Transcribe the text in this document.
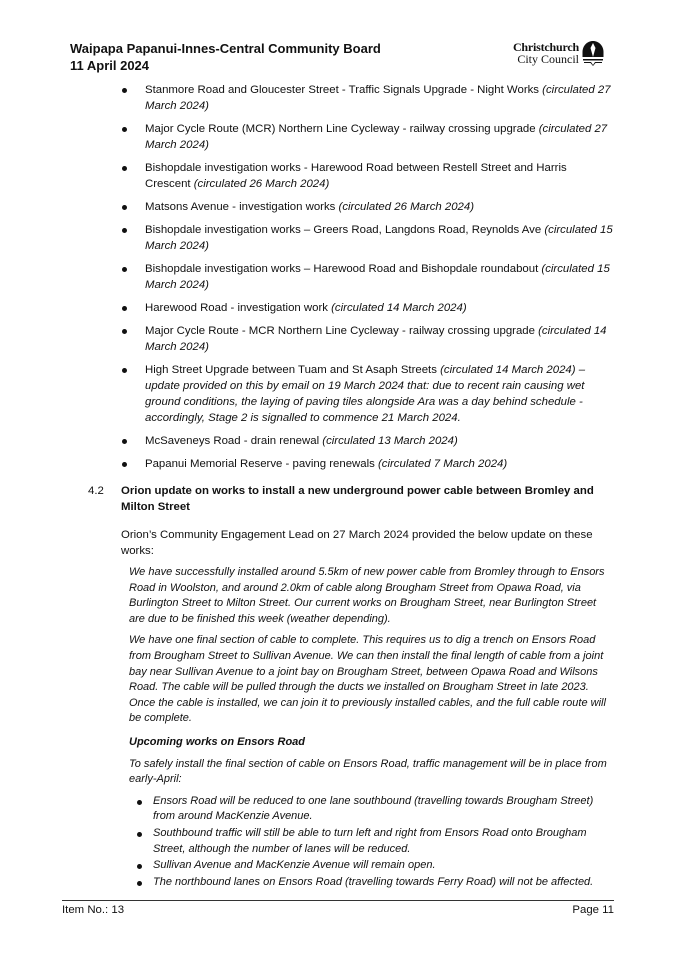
Waipapa Papanui-Innes-Central Community Board
11 April 2024
Christchurch
City Council
Stanmore Road and Gloucester Street - Traffic Signals Upgrade - Night Works (circulated 27 March 2024)
Major Cycle Route (MCR) Northern Line Cycleway - railway crossing upgrade (circulated 27 March 2024)
Bishopdale investigation works - Harewood Road between Restell Street and Harris Crescent (circulated 26 March 2024)
Matsons Avenue - investigation works (circulated 26 March 2024)
Bishopdale investigation works – Greers Road, Langdons Road, Reynolds Ave (circulated 15 March 2024)
Bishopdale investigation works – Harewood Road and Bishopdale roundabout (circulated 15 March 2024)
Harewood Road - investigation work (circulated 14 March 2024)
Major Cycle Route - MCR Northern Line Cycleway - railway crossing upgrade (circulated 14 March 2024)
High Street Upgrade between Tuam and St Asaph Streets (circulated 14 March 2024) – update provided on this by email on 19 March 2024 that: due to recent rain causing wet ground conditions, the laying of paving tiles alongside Ara was a day behind schedule - accordingly, Stage 2 is signalled to commence 21 March 2024.
McSaveneys Road - drain renewal (circulated 13 March 2024)
Papanui Memorial Reserve - paving renewals (circulated 7 March 2024)
4.2 Orion update on works to install a new underground power cable between Bromley and Milton Street
Orion’s Community Engagement Lead on 27 March 2024 provided the below update on these works:

We have successfully installed around 5.5km of new power cable from Bromley through to Ensors Road in Woolston, and around 2.0km of cable along Brougham Street from Opawa Road, via Burlington Street to Milton Street. Our current works on Brougham Street, near Burlington Street are due to be finished this week (weather depending).

We have one final section of cable to complete. This requires us to dig a trench on Ensors Road from Brougham Street to Sullivan Avenue. We can then install the final length of cable from a joint bay near Sullivan Avenue to a joint bay on Brougham Street, between Opawa Road and Wilsons Road. The cable will be pulled through the ducts we installed on Brougham Street in late 2023. Once the cable is installed, we can join it to previously installed cables, and the full cable route will be complete.

Upcoming works on Ensors Road

To safely install the final section of cable on Ensors Road, traffic management will be in place from early-April:

Ensors Road will be reduced to one lane southbound (travelling towards Brougham Street) from around MacKenzie Avenue.
Southbound traffic will still be able to turn left and right from Ensors Road onto Brougham Street, although the number of lanes will be reduced.
Sullivan Avenue and MacKenzie Avenue will remain open.
The northbound lanes on Ensors Road (travelling towards Ferry Road) will not be affected.
Item No.: 13	Page 11
